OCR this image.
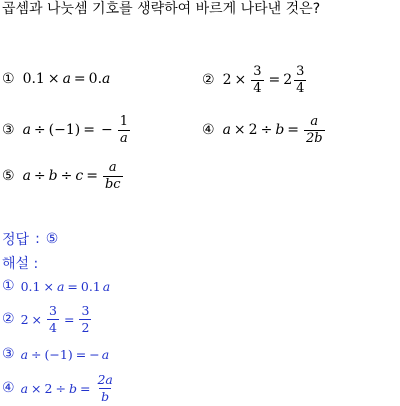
곱셈과 나눗셈 기호를 생략하여 바르게 나타낸 것은?
① 0.1 × a = 0. a	② $2 \times \frac{3}{4} = 2 \frac{3}{4}$
③ a ÷ ( − 1 ) = − $\frac{1}{a}$	④ $a \times 2 \div b = \frac{a}{2b}$
⑤ $a \div b \div c = \frac{a}{bc}$
정답 : ⑤
해설 :
① 0.1 × a = 0.1 a
② $2 \times \frac{3}{4} = \frac{3}{2}$
③ a ÷ ( − 1 ) = − a
④ $a \times 2 \div b = \frac{2a}{b}$
